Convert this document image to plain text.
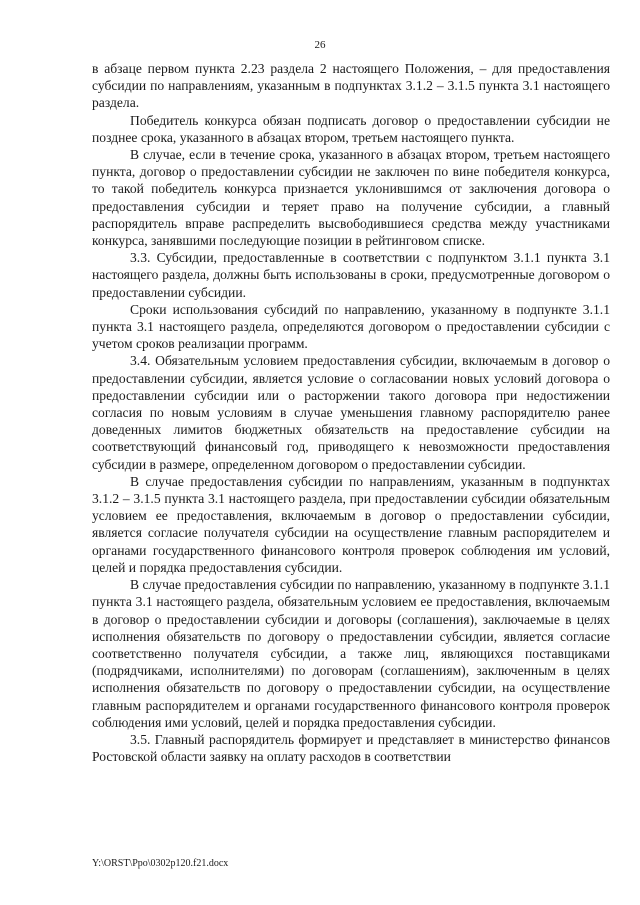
26

в абзаце первом пункта 2.23 раздела 2 настоящего Положения, – для предоставления субсидии по направлениям, указанным в подпунктах 3.1.2 – 3.1.5 пункта 3.1 настоящего раздела.

Победитель конкурса обязан подписать договор о предоставлении субсидии не позднее срока, указанного в абзацах втором, третьем настоящего пункта.

В случае, если в течение срока, указанного в абзацах втором, третьем настоящего пункта, договор о предоставлении субсидии не заключен по вине победителя конкурса, то такой победитель конкурса признается уклонившимся от заключения договора о предоставления субсидии и теряет право на получение субсидии, а главный распорядитель вправе распределить высвободившиеся средства между участниками конкурса, занявшими последующие позиции в рейтинговом списке.

3.3. Субсидии, предоставленные в соответствии с подпунктом 3.1.1 пункта 3.1 настоящего раздела, должны быть использованы в сроки, предусмотренные договором о предоставлении субсидии.

Сроки использования субсидий по направлению, указанному в подпункте 3.1.1 пункта 3.1 настоящего раздела, определяются договором о предоставлении субсидии с учетом сроков реализации программ.

3.4. Обязательным условием предоставления субсидии, включаемым в договор о предоставлении субсидии, является условие о согласовании новых условий договора о предоставлении субсидии или о расторжении такого договора при недостижении согласия по новым условиям в случае уменьшения главному распорядителю ранее доведенных лимитов бюджетных обязательств на предоставление субсидии на соответствующий финансовый год, приводящего к невозможности предоставления субсидии в размере, определенном договором о предоставлении субсидии.

В случае предоставления субсидии по направлениям, указанным в подпунктах 3.1.2 – 3.1.5 пункта 3.1 настоящего раздела, при предоставлении субсидии обязательным условием ее предоставления, включаемым в договор о предоставлении субсидии, является согласие получателя субсидии на осуществление главным распорядителем и органами государственного финансового контроля проверок соблюдения им условий, целей и порядка предоставления субсидии.

В случае предоставления субсидии по направлению, указанному в подпункте 3.1.1 пункта 3.1 настоящего раздела, обязательным условием ее предоставления, включаемым в договор о предоставлении субсидии и договоры (соглашения), заключаемые в целях исполнения обязательств по договору о предоставлении субсидии, является согласие соответственно получателя субсидии, а также лиц, являющихся поставщиками (подрядчиками, исполнителями) по договорам (соглашениям), заключенным в целях исполнения обязательств по договору о предоставлении субсидии, на осуществление главным распорядителем и органами государственного финансового контроля проверок соблюдения ими условий, целей и порядка предоставления субсидии.

3.5. Главный распорядитель формирует и представляет в министерство финансов Ростовской области заявку на оплату расходов в соответствии

Y:\ORST\Ppo\0302p120.f21.docx
